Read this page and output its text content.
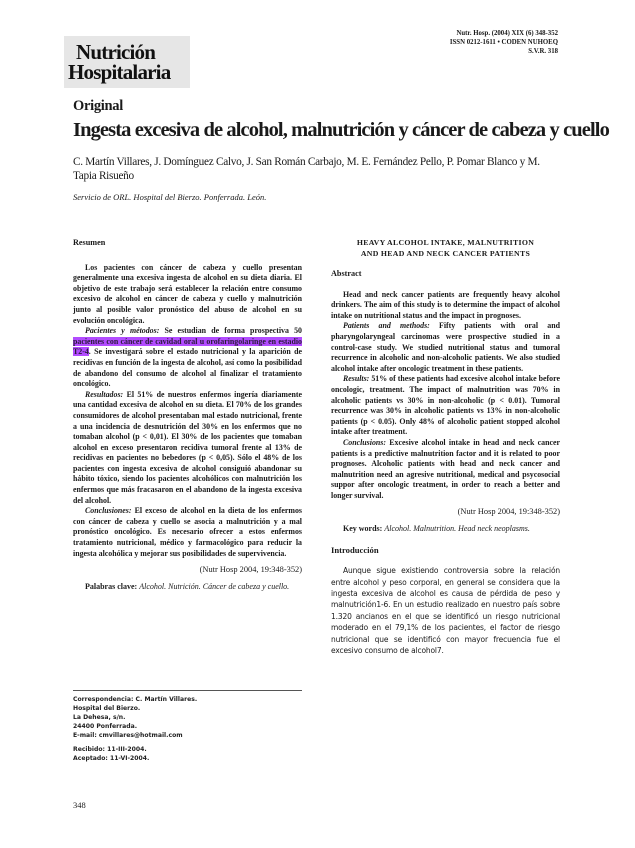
Nutrición
Hospitalaria
Nutr. Hosp. (2004) XIX (6) 348-352
ISSN 0212-1611 • CODEN NUHOEQ
S.V.R. 318
Original
Ingesta excesiva de alcohol, malnutrición y cáncer de cabeza y cuello
C. Martín Villares, J. Domínguez Calvo, J. San Román Carbajo, M. E. Fernández Pello, P. Pomar Blanco y M. Tapia Risueño
Servicio de ORL. Hospital del Bierzo. Ponferrada. León.
Resumen

Los pacientes con cáncer de cabeza y cuello presentan generalmente una excesiva ingesta de alcohol en su dieta diaria. El objetivo de este trabajo será establecer la relación entre consumo excesivo de alcohol en cáncer de cabeza y cuello y malnutrición junto al posible valor pronóstico del abuso de alcohol en su evolución oncológica.

Pacientes y métodos: Se estudian de forma prospectiva 50 pacientes con cáncer de cavidad oral u orofaringolaringe en estadio T2-4. Se investigará sobre el estado nutricional y la aparición de recidivas en función de la ingesta de alcohol, así como la posibilidad de abandono del consumo de alcohol al finalizar el tratamiento oncológico.

Resultados: El 51% de nuestros enfermos ingería diariamente una cantidad excesiva de alcohol en su dieta. El 70% de los grandes consumidores de alcohol presentaban mal estado nutricional, frente a una incidencia de desnutrición del 30% en los enfermos que no tomaban alcohol (p < 0,01). El 30% de los pacientes que tomaban alcohol en exceso presentaron recidiva tumoral frente al 13% de recidivas en pacientes no bebedores (p < 0,05). Sólo el 48% de los pacientes con ingesta excesiva de alcohol consiguió abandonar su hábito tóxico, siendo los pacientes alcohólicos con malnutrición los enfermos que más fracasaron en el abandono de la ingesta excesiva del alcohol.

Conclusiones: El exceso de alcohol en la dieta de los enfermos con cáncer de cabeza y cuello se asocia a malnutrición y a mal pronóstico oncológico. Es necesario ofrecer a estos enfermos tratamiento nutricional, médico y farmacológico para reducir la ingesta alcohólica y mejorar sus posibilidades de supervivencia.

(Nutr Hosp 2004, 19:348-352)

Palabras clave: Alcohol. Nutrición. Cáncer de cabeza y cuello.

HEAVY ALCOHOL INTAKE, MALNUTRITION
AND HEAD AND NECK CANCER PATIENTS
Abstract

Head and neck cancer patients are frequently heavy alcohol drinkers. The aim of this study is to determine the impact of alcohol intake on nutritional status and the impact in prognoses.

Patients and methods: Fifty patients with oral and pharyngolaryngeal carcinomas were prospective studied in a control-case study. We studied nutritional status and tumoral recurrence in alcoholic and non-alcoholic patients. We also studied alcohol intake after oncologic treatment in these patients.

Results: 51% of these patients had excesive alcohol intake before oncologic, treatment. The impact of malnutrition was 70% in alcoholic patients vs 30% in non-alcoholic (p < 0.01). Tumoral recurrence was 30% in alcoholic patients vs 13% in non-alcoholic patients (p < 0.05). Only 48% of alcoholic patient stopped alcohol intake after treatment.

Conclusions: Excesive alcohol intake in head and neck cancer patients is a predictive malnutrition factor and it is related to poor prognoses. Alcoholic patients with head and neck cancer and malnutrition need an agresive nutritional, medical and psycosocial suppor after oncologic treatment, in order to reach a better and longer survival.

(Nutr Hosp 2004, 19:348-352)

Key words: Alcohol. Malnutrition. Head neck neoplasms.

Introducción

Aunque sigue existiendo controversia sobre la relación entre alcohol y peso corporal, en general se considera que la ingesta excesiva de alcohol es causa de pérdida de peso y malnutrición1-6. En un estudio realizado en nuestro país sobre 1.320 ancianos en el que se identificó un riesgo nutricional moderado en el 79,1% de los pacientes, el factor de riesgo nutricional que se identificó con mayor frecuencia fue el excesivo consumo de alcohol7.

Correspondencia: C. Martín Villares.
Hospital del Bierzo.
La Dehesa, s/n.
24400 Ponferrada.
E-mail: cmvillares@hotmail.com
Recibido: 11-III-2004.
Aceptado: 11-VI-2004.
348
